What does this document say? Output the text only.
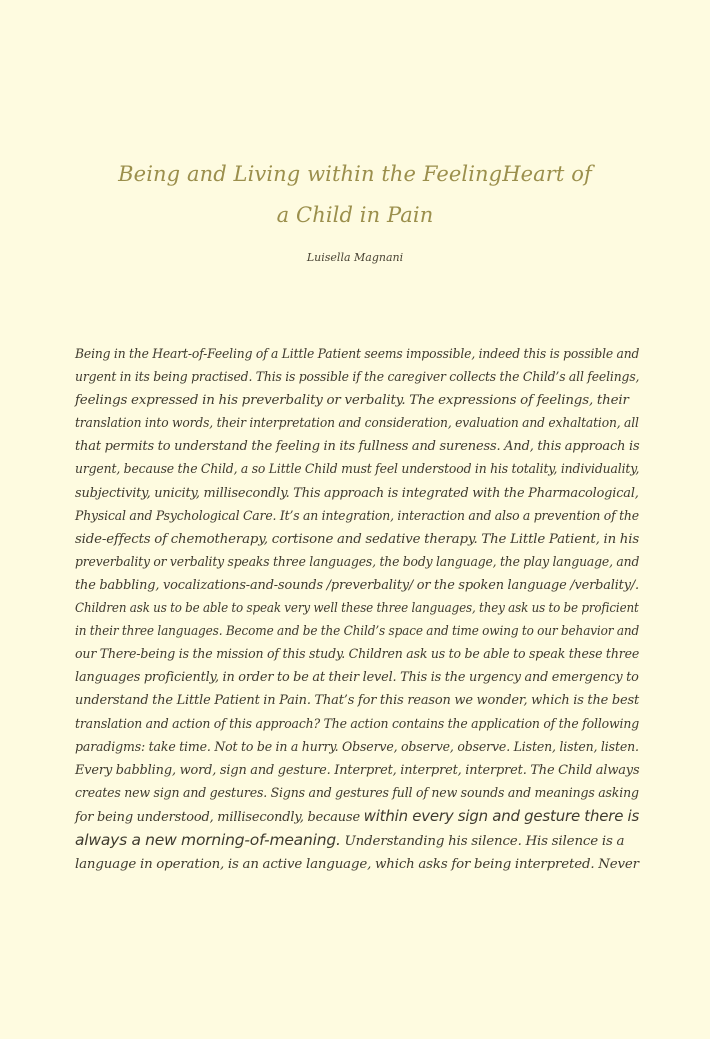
Being and Living within the FeelingHeart of
a Child in Pain
Luisella Magnani
Being in the Heart-of-Feeling of a Little Patient seems impossible, indeed this is possible and
urgent in its being practised. This is possible if the caregiver collects the Child’s all feelings,
feelings expressed in his preverbality or verbality. The expressions of feelings, their
translation into words, their interpretation and consideration, evaluation and exhaltation, all
that permits to understand the feeling in its fullness and sureness. And, this approach is
urgent, because the Child, a so Little Child must feel understood in his totality, individuality,
subjectivity, unicity, millisecondly. This approach is integrated with the Pharmacological,
Physical and Psychological Care. It’s an integration, interaction and also a prevention of the
side-effects of chemotherapy, cortisone and sedative therapy. The Little Patient, in his
preverbality or verbality speaks three languages, the body language, the play language, and
the babbling, vocalizations-and-sounds /preverbality/ or the spoken language /verbality/.
Children ask us to be able to speak very well these three languages, they ask us to be proficient
in their three languages. Become and be the Child’s space and time owing to our behavior and
our There-being is the mission of this study. Children ask us to be able to speak these three
languages proficiently, in order to be at their level. This is the urgency and emergency to
understand the Little Patient in Pain. That’s for this reason we wonder, which is the best
translation and action of this approach? The action contains the application of the following
paradigms: take time. Not to be in a hurry. Observe, observe, observe. Listen, listen, listen.
Every babbling, word, sign and gesture. Interpret, interpret, interpret. The Child always
creates new sign and gestures. Signs and gestures full of new sounds and meanings asking
for being understood, millisecondly, because within every sign and gesture there is
always a new morning-of-meaning. Understanding his silence. His silence is a
language in operation, is an active language, which asks for being interpreted. Never
